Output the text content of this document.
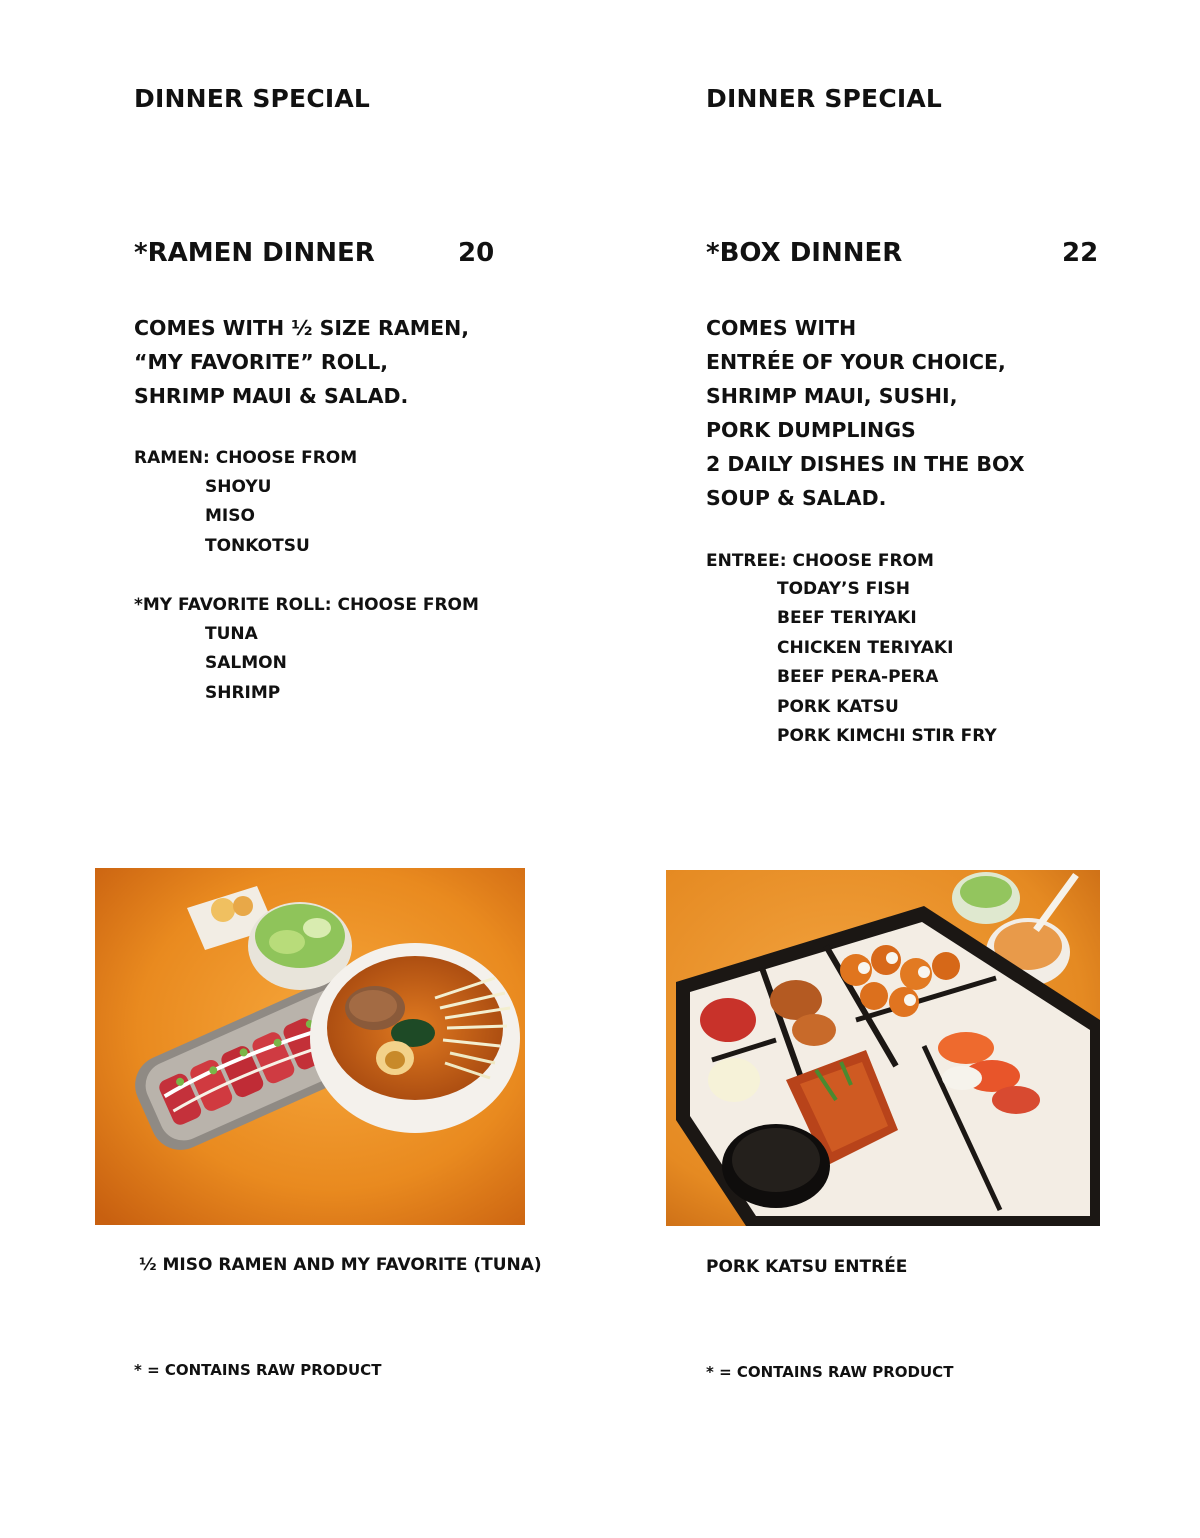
DINNER SPECIAL
*RAMEN DINNER	20
COMES WITH ½ SIZE RAMEN,
“MY FAVORITE” ROLL,
SHRIMP MAUI & SALAD.
RAMEN: CHOOSE FROM
SHOYU
MISO
TONKOTSU
*MY FAVORITE ROLL: CHOOSE FROM
TUNA
SALMON
SHRIMP
½ MISO RAMEN AND MY FAVORITE (TUNA)
* = CONTAINS RAW PRODUCT
DINNER SPECIAL
*BOX DINNER	22
COMES WITH
ENTRÉE OF YOUR CHOICE,
SHRIMP MAUI, SUSHI,
PORK DUMPLINGS
2 DAILY DISHES IN THE BOX
SOUP & SALAD.
ENTREE: CHOOSE FROM
TODAY’S FISH
BEEF TERIYAKI
CHICKEN TERIYAKI
BEEF PERA-PERA
PORK KATSU
PORK KIMCHI STIR FRY
PORK KATSU ENTRÉE
* = CONTAINS RAW PRODUCT
